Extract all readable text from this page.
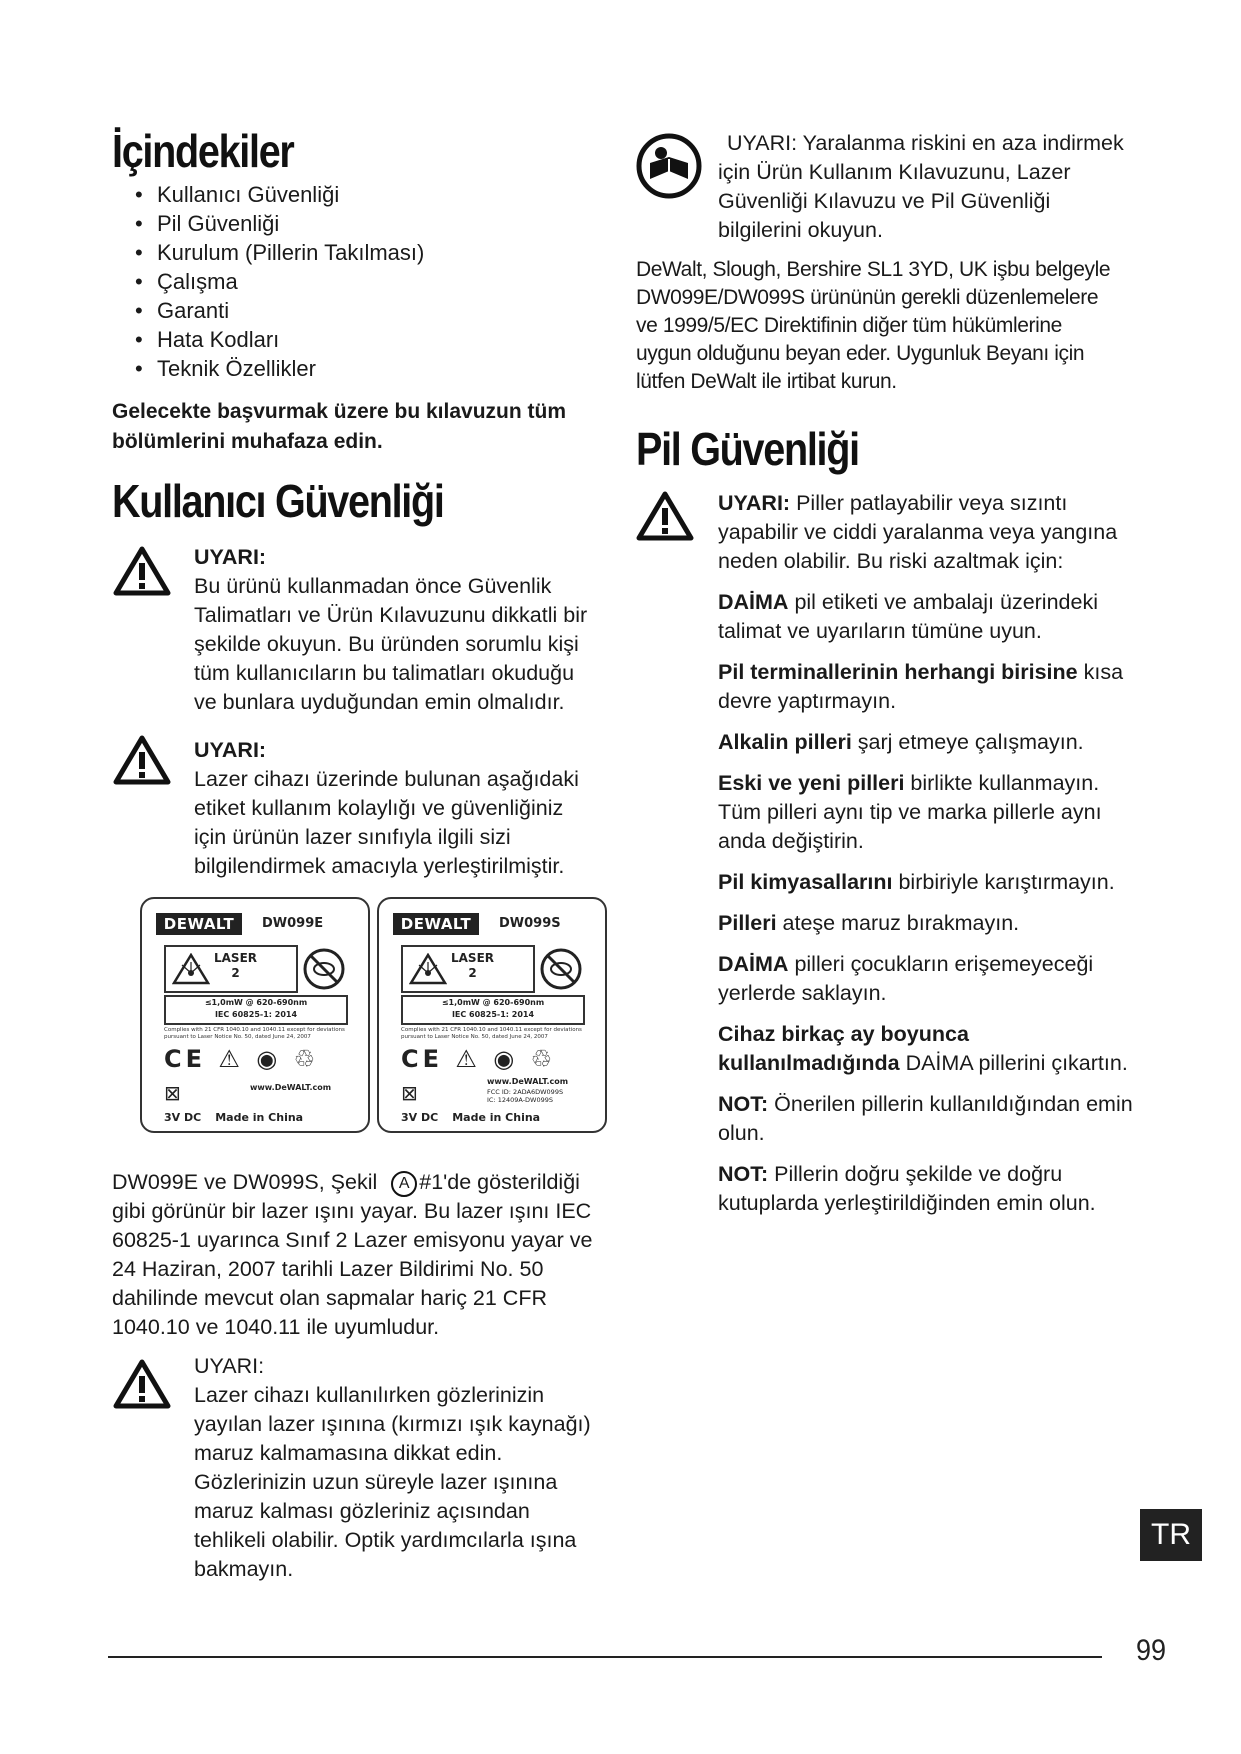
İçindekiler
• Kullanıcı Güvenliği
• Pil Güvenliği
• Kurulum (Pillerin Takılması)
• Çalışma
• Garanti
• Hata Kodları
• Teknik Özellikler
Gelecekte başvurmak üzere bu kılavuzun tüm bölümlerini muhafaza edin.
Kullanıcı Güvenliği
UYARI:
Bu ürünü kullanmadan önce Güvenlik Talimatları ve Ürün Kılavuzunu dikkatli bir şekilde okuyun. Bu üründen sorumlu kişi tüm kullanıcıların bu talimatları okuduğu ve bunlara uyduğundan emin olmalıdır.
UYARI:
Lazer cihazı üzerinde bulunan aşağıdaki etiket kullanım kolaylığı ve güvenliğiniz için ürünün lazer sınıfıyla ilgili sizi bilgilendirmek amacıyla yerleştirilmiştir.
DEWALT	DW099E
LASER
2
≤1,0mW @ 620-690nm
IEC 60825-1: 2014
Complies with 21 CFR 1040.10 and 1040.11 except for deviations pursuant to Laser Notice No. 50, dated June 24, 2007
CE ⚠ ◉ ♲
⊠	www.DeWALT.com
3V DC Made in China
DEWALT	DW099S
LASER
2
≤1,0mW @ 620-690nm
IEC 60825-1: 2014
Complies with 21 CFR 1040.10 and 1040.11 except for deviations pursuant to Laser Notice No. 50, dated June 24, 2007
CE ⚠ ◉ ♲
⊠	www.DeWALT.com
FCC ID: 2ADA6DW099S
IC: 12409A-DW099S
3V DC Made in China
DW099E ve DW099S, Şekil A #1'de gösterildiği gibi görünür bir lazer ışını yayar. Bu lazer ışını IEC 60825-1 uyarınca Sınıf 2 Lazer emisyonu yayar ve 24 Haziran, 2007 tarihli Lazer Bildirimi No. 50 dahilinde mevcut olan sapmalar hariç 21 CFR 1040.10 ve 1040.11 ile uyumludur.
UYARI:
Lazer cihazı kullanılırken gözlerinizin yayılan lazer ışınına (kırmızı ışık kaynağı) maruz kalmamasına dikkat edin. Gözlerinizin uzun süreyle lazer ışınına maruz kalması gözleriniz açısından tehlikeli olabilir. Optik yardımcılarla ışına bakmayın.
UYARI: Yaralanma riskini en aza indirmek için Ürün Kullanım Kılavuzunu, Lazer Güvenliği Kılavuzu ve Pil Güvenliği bilgilerini okuyun.
DeWalt, Slough, Bershire SL1 3YD, UK işbu belgeyle DW099E/DW099S ürününün gerekli düzenlemelere ve 1999/5/EC Direktifinin diğer tüm hükümlerine uygun olduğunu beyan eder. Uygunluk Beyanı için lütfen DeWalt ile irtibat kurun.
Pil Güvenliği

UYARI: Piller patlayabilir veya sızıntı yapabilir ve ciddi yaralanma veya yangına neden olabilir. Bu riski azaltmak için:

DAİMA pil etiketi ve ambalajı üzerindeki talimat ve uyarıların tümüne uyun.

Pil terminallerinin herhangi birisine kısa devre yaptırmayın.

Alkalin pilleri şarj etmeye çalışmayın.

Eski ve yeni pilleri birlikte kullanmayın. Tüm pilleri aynı tip ve marka pillerle aynı anda değiştirin.

Pil kimyasallarını birbiriyle karıştırmayın.

Pilleri ateşe maruz bırakmayın.

DAİMA pilleri çocukların erişemeyeceği yerlerde saklayın.

Cihaz birkaç ay boyunca kullanılmadığında DAİMA pillerini çıkartın.

NOT: Önerilen pillerin kullanıldığından emin olun.

NOT: Pillerin doğru şekilde ve doğru kutuplarda yerleştirildiğinden emin olun.

TR
99
